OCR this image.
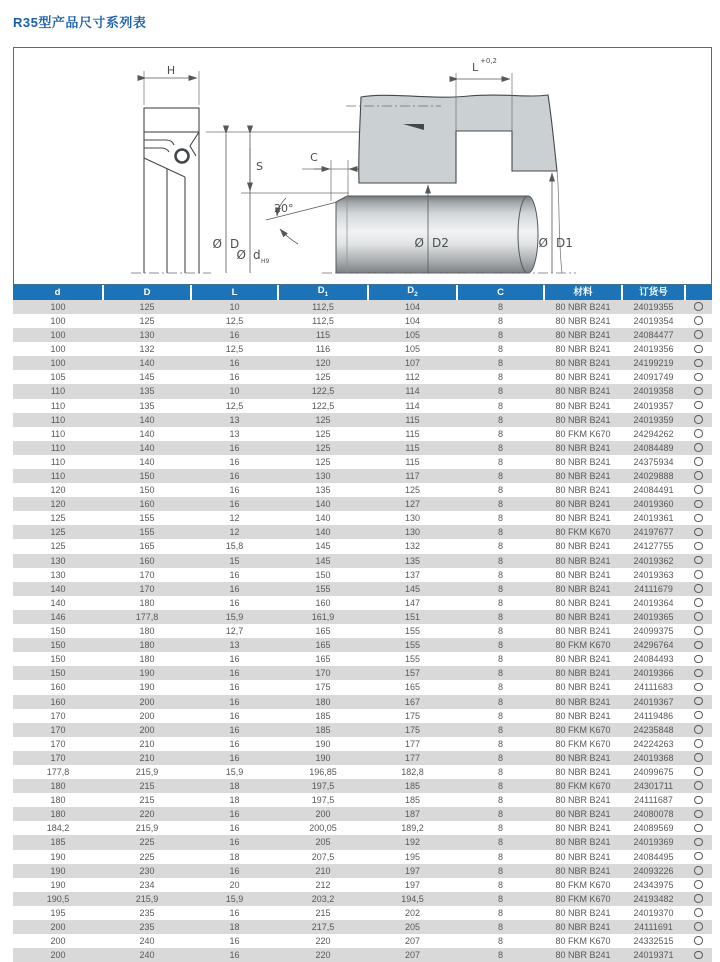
R35型产品尺寸系列表
H
Ø D
S
Ø d H9
C
20°
L +0,2
Ø D2	Ø D1
d	D	L	$D_1$	$D_2$	C	材料	订货号	
100	125	10	112,5	104	8	80 NBR B241	24019355	
100	125	12,5	112,5	104	8	80 NBR B241	24019354	
100	130	16	115	105	8	80 NBR B241	24084477	
100	132	12,5	116	105	8	80 NBR B241	24019356	
100	140	16	120	107	8	80 NBR B241	24199219	
105	145	16	125	112	8	80 NBR B241	24091749	
110	135	10	122,5	114	8	80 NBR B241	24019358	
110	135	12,5	122,5	114	8	80 NBR B241	24019357	
110	140	13	125	115	8	80 NBR B241	24019359	
110	140	13	125	115	8	80 FKM K670	24294262	
110	140	16	125	115	8	80 NBR B241	24084489	
110	140	16	125	115	8	80 NBR B241	24375934	
110	150	16	130	117	8	80 NBR B241	24029888	
120	150	16	135	125	8	80 NBR B241	24084491	
120	160	16	140	127	8	80 NBR B241	24019360	
125	155	12	140	130	8	80 NBR B241	24019361	
125	155	12	140	130	8	80 FKM K670	24197677	
125	165	15,8	145	132	8	80 NBR B241	24127755	
130	160	15	145	135	8	80 NBR B241	24019362	
130	170	16	150	137	8	80 NBR B241	24019363	
140	170	16	155	145	8	80 NBR B241	24111679	
140	180	16	160	147	8	80 NBR B241	24019364	
146	177,8	15,9	161,9	151	8	80 NBR B241	24019365	
150	180	12,7	165	155	8	80 NBR B241	24099375	
150	180	13	165	155	8	80 FKM K670	24296764	
150	180	16	165	155	8	80 NBR B241	24084493	
150	190	16	170	157	8	80 NBR B241	24019366	
160	190	16	175	165	8	80 NBR B241	24111683	
160	200	16	180	167	8	80 NBR B241	24019367	
170	200	16	185	175	8	80 NBR B241	24119486	
170	200	16	185	175	8	80 FKM K670	24235848	
170	210	16	190	177	8	80 FKM K670	24224263	
170	210	16	190	177	8	80 NBR B241	24019368	
177,8	215,9	15,9	196,85	182,8	8	80 NBR B241	24099675	
180	215	18	197,5	185	8	80 FKM K670	24301711	
180	215	18	197,5	185	8	80 NBR B241	24111687	
180	220	16	200	187	8	80 NBR B241	24080078	
184,2	215,9	16	200,05	189,2	8	80 NBR B241	24089569	
185	225	16	205	192	8	80 NBR B241	24019369	
190	225	18	207,5	195	8	80 NBR B241	24084495	
190	230	16	210	197	8	80 NBR B241	24093226	
190	234	20	212	197	8	80 FKM K670	24343975	
190,5	215,9	15,9	203,2	194,5	8	80 FKM K670	24193482	
195	235	16	215	202	8	80 NBR B241	24019370	
200	235	18	217,5	205	8	80 NBR B241	24111691	
200	240	16	220	207	8	80 FKM K670	24332515	
200	240	16	220	207	8	80 NBR B241	24019371	
